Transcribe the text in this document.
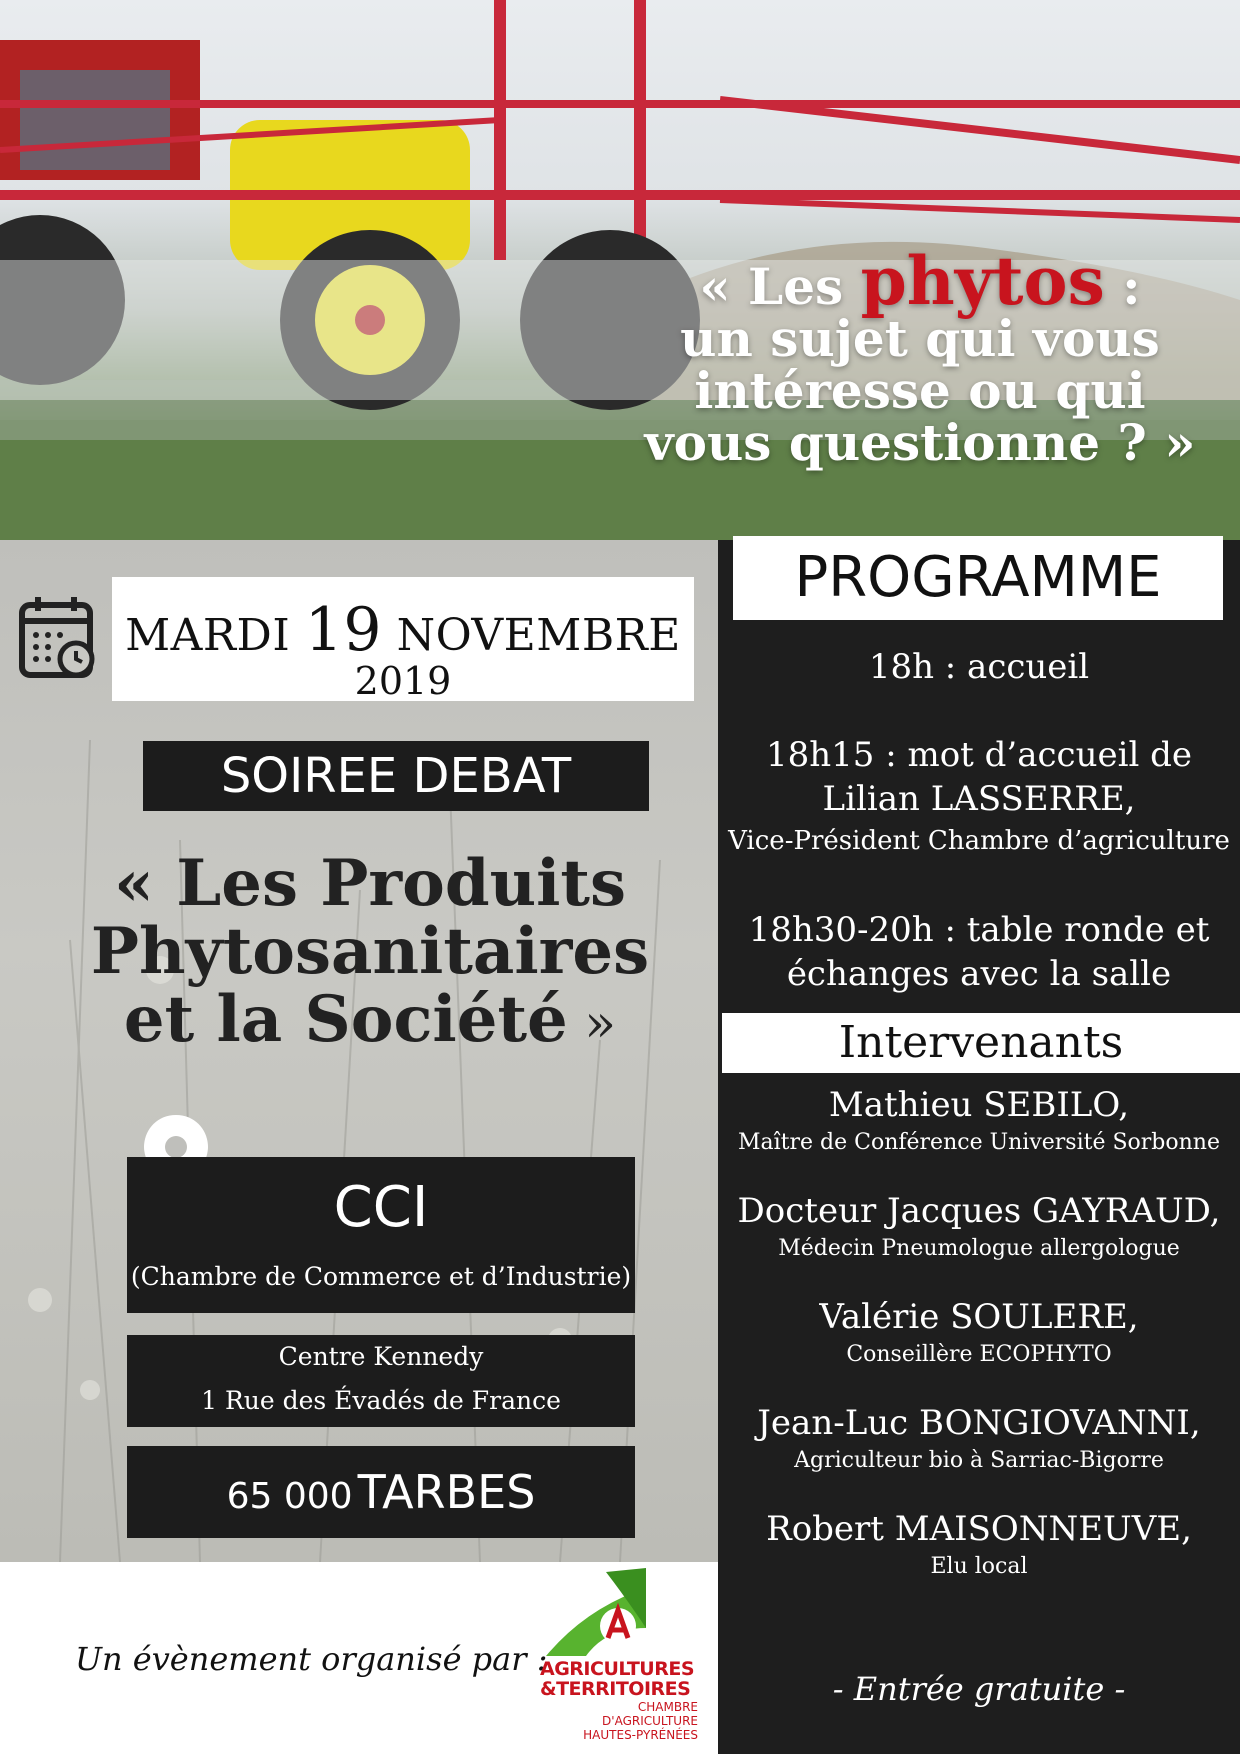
« Les phytos :
un sujet qui vous
intéresse ou qui
vous questionne ? »
MARDI 19 NOVEMBRE
2019
SOIREE DEBAT
« Les Produits
Phytosanitaires
et la Société »
CCI
(Chambre de Commerce et d’Industrie)
Centre Kennedy
1 Rue des Évadés de France
65 000 TARBES
Un évènement organisé par :
AGRICULTURES
&TERRITOIRES
CHAMBRE D'AGRICULTURE
HAUTES-PYRÉNÉES
PROGRAMME
18h : accueil
18h15 : mot d’accueil de
Lilian LASSERRE,
Vice-Président Chambre d’agriculture
18h30-20h : table ronde et
échanges avec la salle
Intervenants
Mathieu SEBILO,
Maître de Conférence Université Sorbonne
Docteur Jacques GAYRAUD,
Médecin Pneumologue allergologue
Valérie SOULERE,
Conseillère ECOPHYTO
Jean-Luc BONGIOVANNI,
Agriculteur bio à Sarriac-Bigorre
Robert MAISONNEUVE,
Elu local
- Entrée gratuite -
